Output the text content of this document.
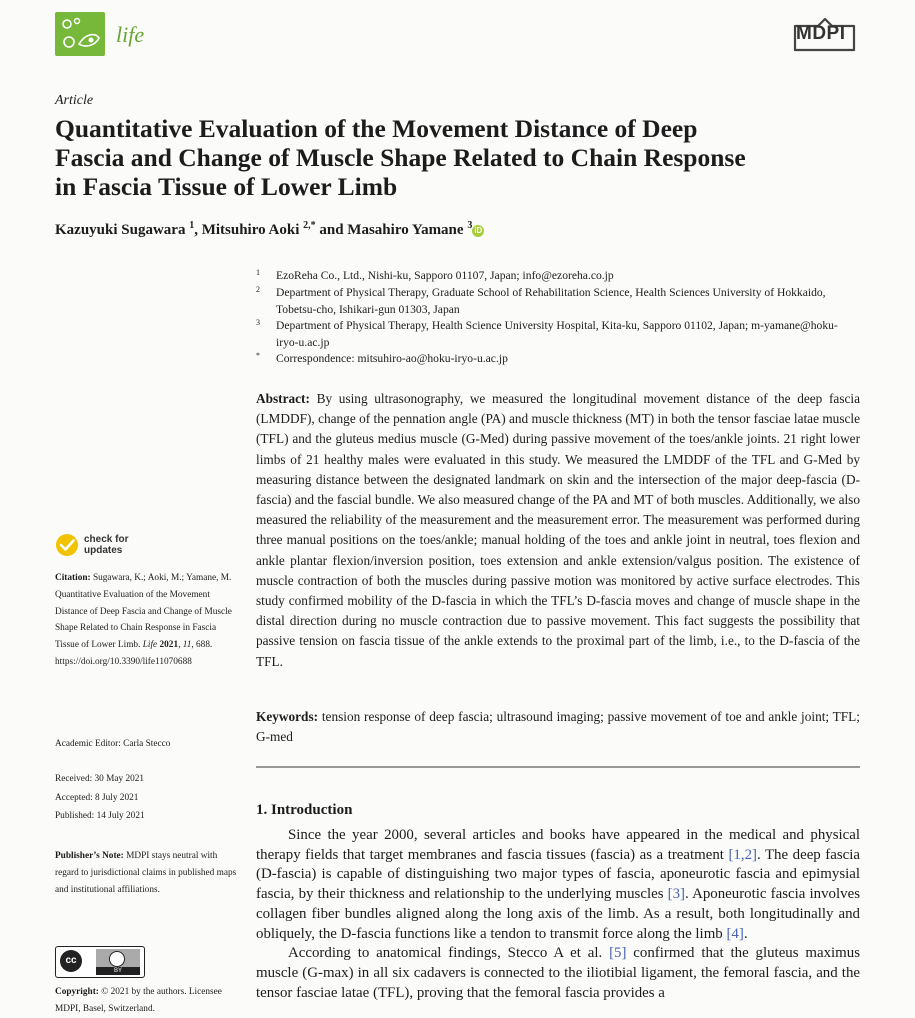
life	MDPI
Article
Quantitative Evaluation of the Movement Distance of Deep
Fascia and Change of Muscle Shape Related to Chain Response
in Fascia Tissue of Lower Limb
Kazuyuki Sugawara $^1$, Mitsuhiro Aoki $^{2,*}$ and Masahiro Yamane $^3$ iD
1 EzoReha Co., Ltd., Nishi-ku, Sapporo 01107, Japan; info@ezoreha.co.jp
2 Department of Physical Therapy, Graduate School of Rehabilitation Science, Health Sciences University of Hokkaido, Tobetsu-cho, Ishikari-gun 01303, Japan
3 Department of Physical Therapy, Health Science University Hospital, Kita-ku, Sapporo 01102, Japan; m-yamane@hoku-iryo-u.ac.jp
* Correspondence: mitsuhiro-ao@hoku-iryo-u.ac.jp
Abstract: By using ultrasonography, we measured the longitudinal movement distance of the deep fascia (LMDDF), change of the pennation angle (PA) and muscle thickness (MT) in both the tensor fasciae latae muscle (TFL) and the gluteus medius muscle (G-Med) during passive movement of the toes/ankle joints. 21 right lower limbs of 21 healthy males were evaluated in this study. We measured the LMDDF of the TFL and G-Med by measuring distance between the designated landmark on skin and the intersection of the major deep-fascia (D-fascia) and the fascial bundle. We also measured change of the PA and MT of both muscles. Additionally, we also measured the reliability of the measurement and the measurement error. The measurement was performed during three manual positions on the toes/ankle; manual holding of the toes and ankle joint in neutral, toes flexion and ankle plantar flexion/inversion position, toes extension and ankle extension/valgus position. The existence of muscle contraction of both the muscles during passive motion was monitored by active surface electrodes. This study confirmed mobility of the D-fascia in which the TFL’s D-fascia moves and change of muscle shape in the distal direction during no muscle contraction due to passive movement. This fact suggests the possibility that passive tension on fascia tissue of the ankle extends to the proximal part of the limb, i.e., to the D-fascia of the TFL.
Keywords: tension response of deep fascia; ultrasound imaging; passive movement of toe and ankle joint; TFL; G-med
1. Introduction

Since the year 2000, several articles and books have appeared in the medical and physical therapy fields that target membranes and fascia tissues (fascia) as a treatment [1,2]. The deep fascia (D-fascia) is capable of distinguishing two major types of fascia, aponeurotic fascia and epimysial fascia, by their thickness and relationship to the underlying muscles [3]. Aponeurotic fascia involves collagen fiber bundles aligned along the long axis of the limb. As a result, both longitudinally and obliquely, the D-fascia functions like a tendon to transmit force along the limb [4].

According to anatomical findings, Stecco A et al. [5] confirmed that the gluteus maximus muscle (G-max) in all six cadavers is connected to the iliotibial ligament, the femoral fascia, and the tensor fasciae latae (TFL), proving that the femoral fascia provides a

check for
updates
Citation: Sugawara, K.; Aoki, M.; Yamane, M. Quantitative Evaluation of the Movement Distance of Deep Fascia and Change of Muscle Shape Related to Chain Response in Fascia Tissue of Lower Limb. Life 2021, 11, 688. https://doi.org/10.3390/life11070688
Academic Editor: Carla Stecco
Received: 30 May 2021
Accepted: 8 July 2021
Published: 14 July 2021
Publisher’s Note: MDPI stays neutral with regard to jurisdictional claims in published maps and institutional affiliations.
cc
BY
Copyright: © 2021 by the authors. Licensee MDPI, Basel, Switzerland.
